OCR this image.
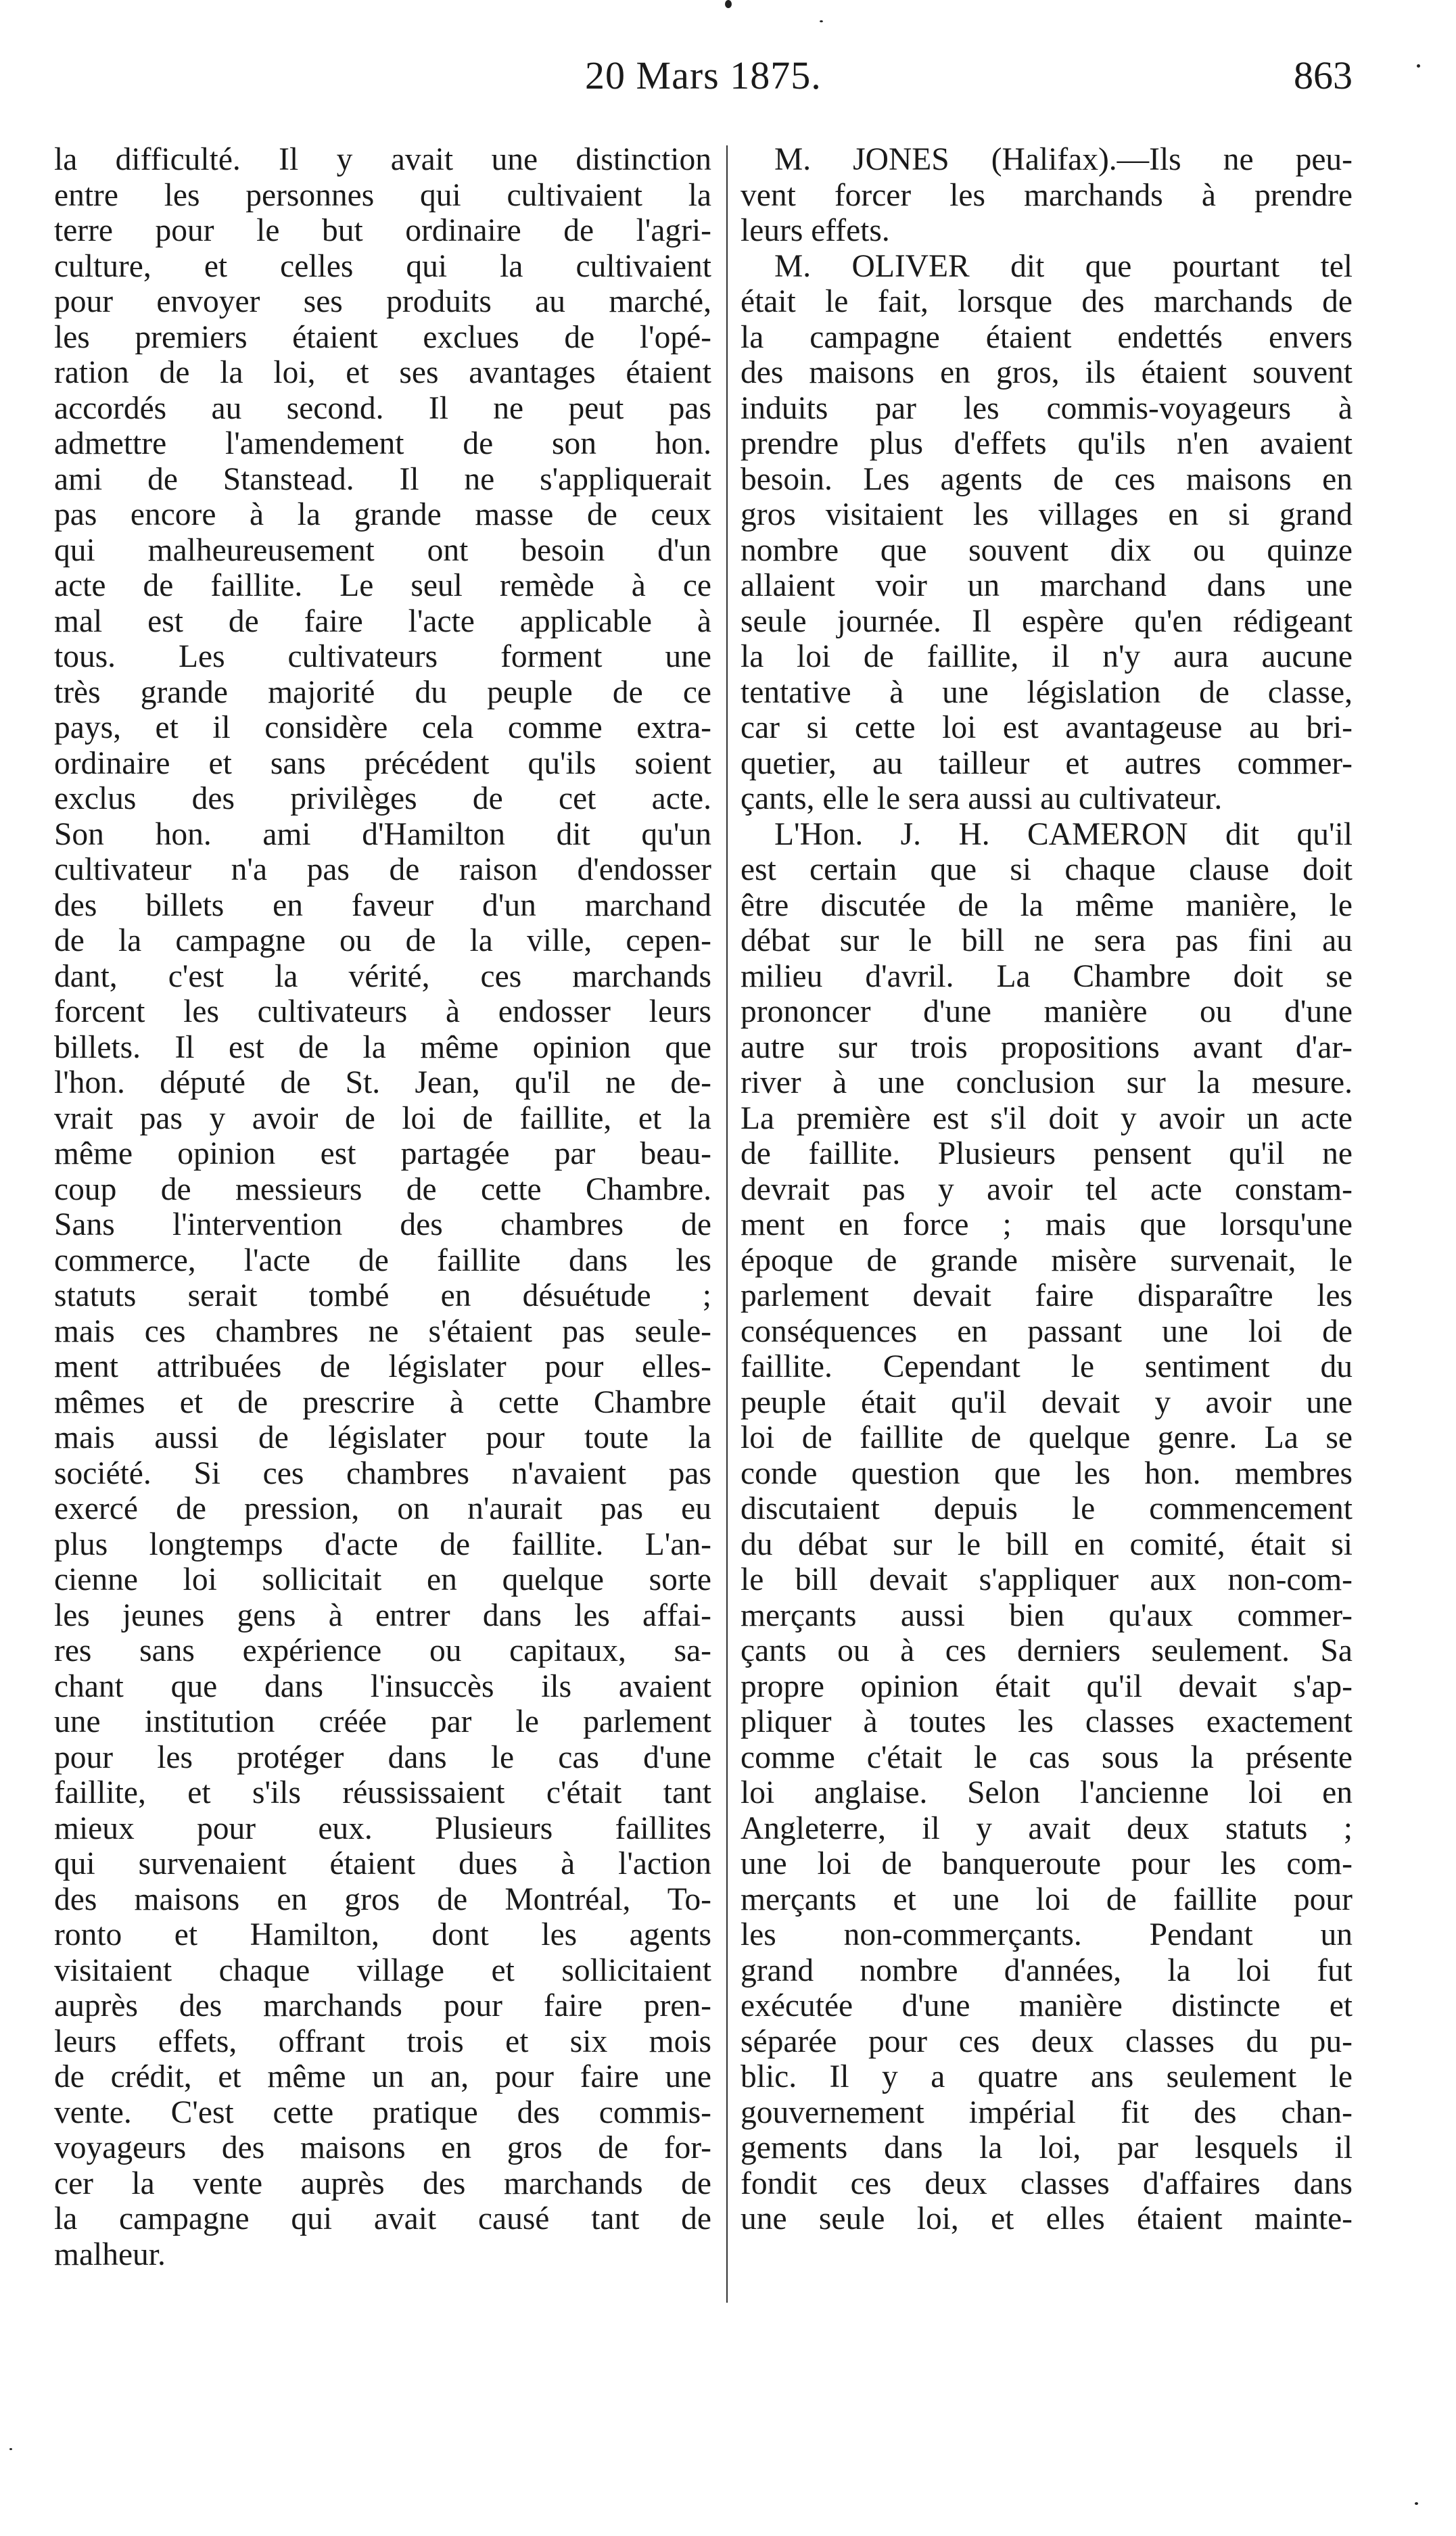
20 Mars 1875.	863
la difficulté. Il y avait une distinction
entre les personnes qui cultivaient la
terre pour le but ordinaire de l'agri-
culture, et celles qui la cultivaient
pour envoyer ses produits au marché,
les premiers étaient exclues de l'opé-
ration de la loi, et ses avantages étaient
accordés au second. Il ne peut pas
admettre l'amendement de son hon.
ami de Stanstead. Il ne s'appliquerait
pas encore à la grande masse de ceux
qui malheureusement ont besoin d'un
acte de faillite. Le seul remède à ce
mal est de faire l'acte applicable à
tous. Les cultivateurs forment une
très grande majorité du peuple de ce
pays, et il considère cela comme extra-
ordinaire et sans précédent qu'ils soient
exclus des privilèges de cet acte.
Son hon. ami d'Hamilton dit qu'un
cultivateur n'a pas de raison d'endosser
des billets en faveur d'un marchand
de la campagne ou de la ville, cepen-
dant, c'est la vérité, ces marchands
forcent les cultivateurs à endosser leurs
billets. Il est de la même opinion que
l'hon. député de St. Jean, qu'il ne de-
vrait pas y avoir de loi de faillite, et la
même opinion est partagée par beau-
coup de messieurs de cette Chambre.
Sans l'intervention des chambres de
commerce, l'acte de faillite dans les
statuts serait tombé en désuétude ;
mais ces chambres ne s'étaient pas seule-
ment attribuées de législater pour elles-
mêmes et de prescrire à cette Chambre
mais aussi de législater pour toute la
société. Si ces chambres n'avaient pas
exercé de pression, on n'aurait pas eu
plus longtemps d'acte de faillite. L'an-
cienne loi sollicitait en quelque sorte
les jeunes gens à entrer dans les affai-
res sans expérience ou capitaux, sa-
chant que dans l'insuccès ils avaient
une institution créée par le parlement
pour les protéger dans le cas d'une
faillite, et s'ils réussissaient c'était tant
mieux pour eux. Plusieurs faillites
qui survenaient étaient dues à l'action
des maisons en gros de Montréal, To-
ronto et Hamilton, dont les agents
visitaient chaque village et sollicitaient
auprès des marchands pour faire pren-
leurs effets, offrant trois et six mois
de crédit, et même un an, pour faire une
vente. C'est cette pratique des commis-
voyageurs des maisons en gros de for-
cer la vente auprès des marchands de
la campagne qui avait causé tant de
malheur.
M. JONES (Halifax).—Ils ne peu-
vent forcer les marchands à prendre
leurs effets.
M. OLIVER dit que pourtant tel
était le fait, lorsque des marchands de
la campagne étaient endettés envers
des maisons en gros, ils étaient souvent
induits par les commis-voyageurs à
prendre plus d'effets qu'ils n'en avaient
besoin. Les agents de ces maisons en
gros visitaient les villages en si grand
nombre que souvent dix ou quinze
allaient voir un marchand dans une
seule journée. Il espère qu'en rédigeant
la loi de faillite, il n'y aura aucune
tentative à une législation de classe,
car si cette loi est avantageuse au bri-
quetier, au tailleur et autres commer-
çants, elle le sera aussi au cultivateur.
L'Hon. J. H. CAMERON dit qu'il
est certain que si chaque clause doit
être discutée de la même manière, le
débat sur le bill ne sera pas fini au
milieu d'avril. La Chambre doit se
prononcer d'une manière ou d'une
autre sur trois propositions avant d'ar-
river à une conclusion sur la mesure.
La première est s'il doit y avoir un acte
de faillite. Plusieurs pensent qu'il ne
devrait pas y avoir tel acte constam-
ment en force ; mais que lorsqu'une
époque de grande misère survenait, le
parlement devait faire disparaître les
conséquences en passant une loi de
faillite. Cependant le sentiment du
peuple était qu'il devait y avoir une
loi de faillite de quelque genre. La se
conde question que les hon. membres
discutaient depuis le commencement
du débat sur le bill en comité, était si
le bill devait s'appliquer aux non-com-
merçants aussi bien qu'aux commer-
çants ou à ces derniers seulement. Sa
propre opinion était qu'il devait s'ap-
pliquer à toutes les classes exactement
comme c'était le cas sous la présente
loi anglaise. Selon l'ancienne loi en
Angleterre, il y avait deux statuts ;
une loi de banqueroute pour les com-
merçants et une loi de faillite pour
les non-commerçants. Pendant un
grand nombre d'années, la loi fut
exécutée d'une manière distincte et
séparée pour ces deux classes du pu-
blic. Il y a quatre ans seulement le
gouvernement impérial fit des chan-
gements dans la loi, par lesquels il
fondit ces deux classes d'affaires dans
une seule loi, et elles étaient mainte-
